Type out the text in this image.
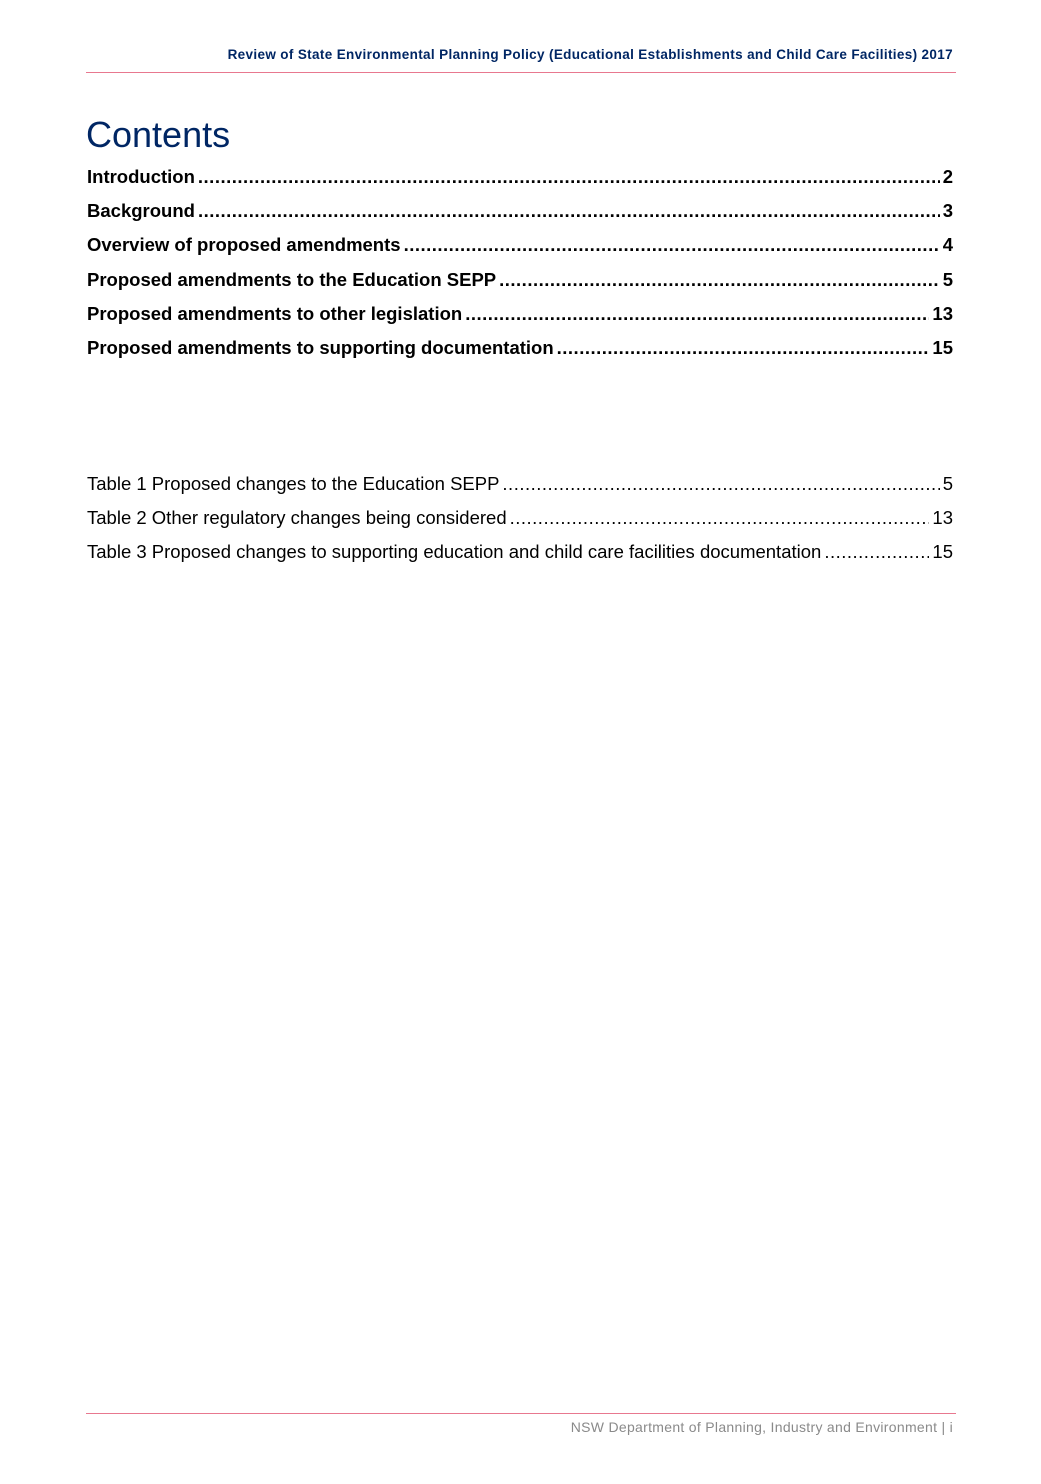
Review of State Environmental Planning Policy (Educational Establishments and Child Care Facilities) 2017
Contents
Introduction .....	2
Background .....	3
Overview of proposed amendments .....	4
Proposed amendments to the Education SEPP .....	5
Proposed amendments to other legislation .....	13
Proposed amendments to supporting documentation .....	15
Table 1 Proposed changes to the Education SEPP .....	5
Table 2 Other regulatory changes being considered .....	13
Table 3 Proposed changes to supporting education and child care facilities documentation .....	15
NSW Department of Planning, Industry and Environment | i
